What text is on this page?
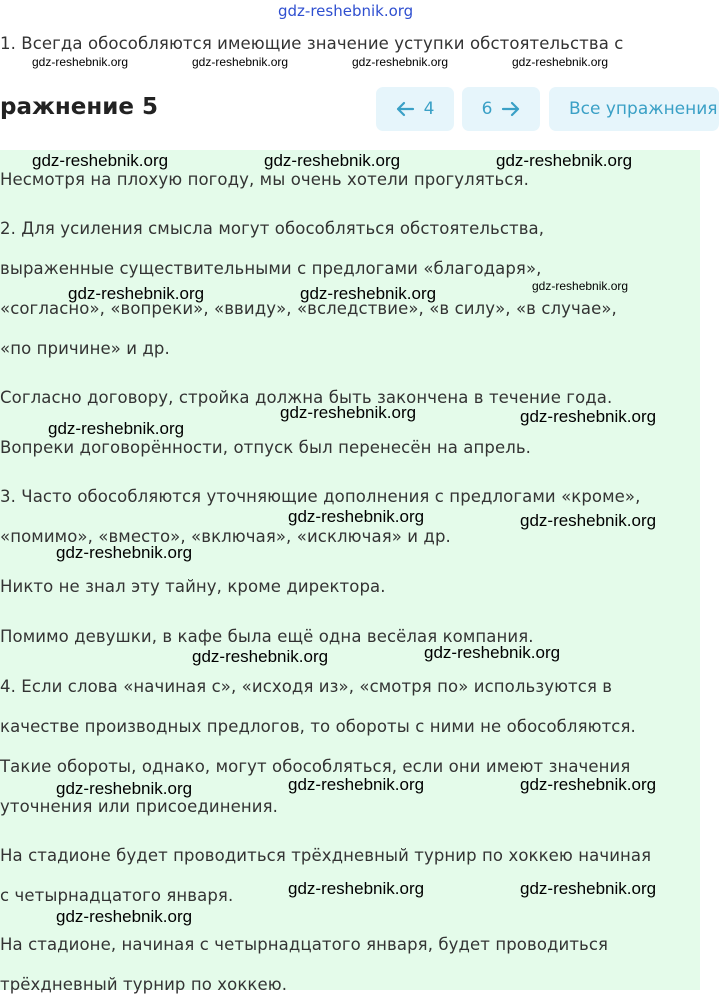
gdz-reshebnik.org
1. Всегда обособляются имеющие значение уступки обстоятельства с
ражнение 5	4	6	Все упражнения
Несмотря на плохую погоду, мы очень хотели прогуляться.
2. Для усиления смысла могут обособляться обстоятельства,
выраженные существительными с предлогами «благодаря»,
«согласно», «вопреки», «ввиду», «вследствие», «в силу», «в случае»,
«по причине» и др.
Согласно договору, стройка должна быть закончена в течение года.
Вопреки договорённости, отпуск был перенесён на апрель.
3. Часто обособляются уточняющие дополнения с предлогами «кроме»,
«помимо», «вместо», «включая», «исключая» и др.
Никто не знал эту тайну, кроме директора.
Помимо девушки, в кафе была ещё одна весёлая компания.
4. Если слова «начиная с», «исходя из», «смотря по» используются в
качестве производных предлогов, то обороты с ними не обособляются.
Такие обороты, однако, могут обособляться, если они имеют значения
уточнения или присоединения.
На стадионе будет проводиться трёхдневный турнир по хоккею начиная
с четырнадцатого января.
На стадионе, начиная с четырнадцатого января, будет проводиться
трёхдневный турнир по хоккею.
gdz-reshebnik.org	gdz-reshebnik.org	gdz-reshebnik.org	gdz-reshebnik.org
gdz-reshebnik.org
gdz-reshebnik.org	gdz-reshebnik.org	gdz-reshebnik.org
gdz-reshebnik.org	gdz-reshebnik.org
gdz-reshebnik.org	gdz-reshebnik.org
gdz-reshebnik.org
gdz-reshebnik.org	gdz-reshebnik.org
gdz-reshebnik.org
gdz-reshebnik.org
gdz-reshebnik.org
gdz-reshebnik.org	gdz-reshebnik.org
gdz-reshebnik.org
gdz-reshebnik.org	gdz-reshebnik.org
gdz-reshebnik.org
